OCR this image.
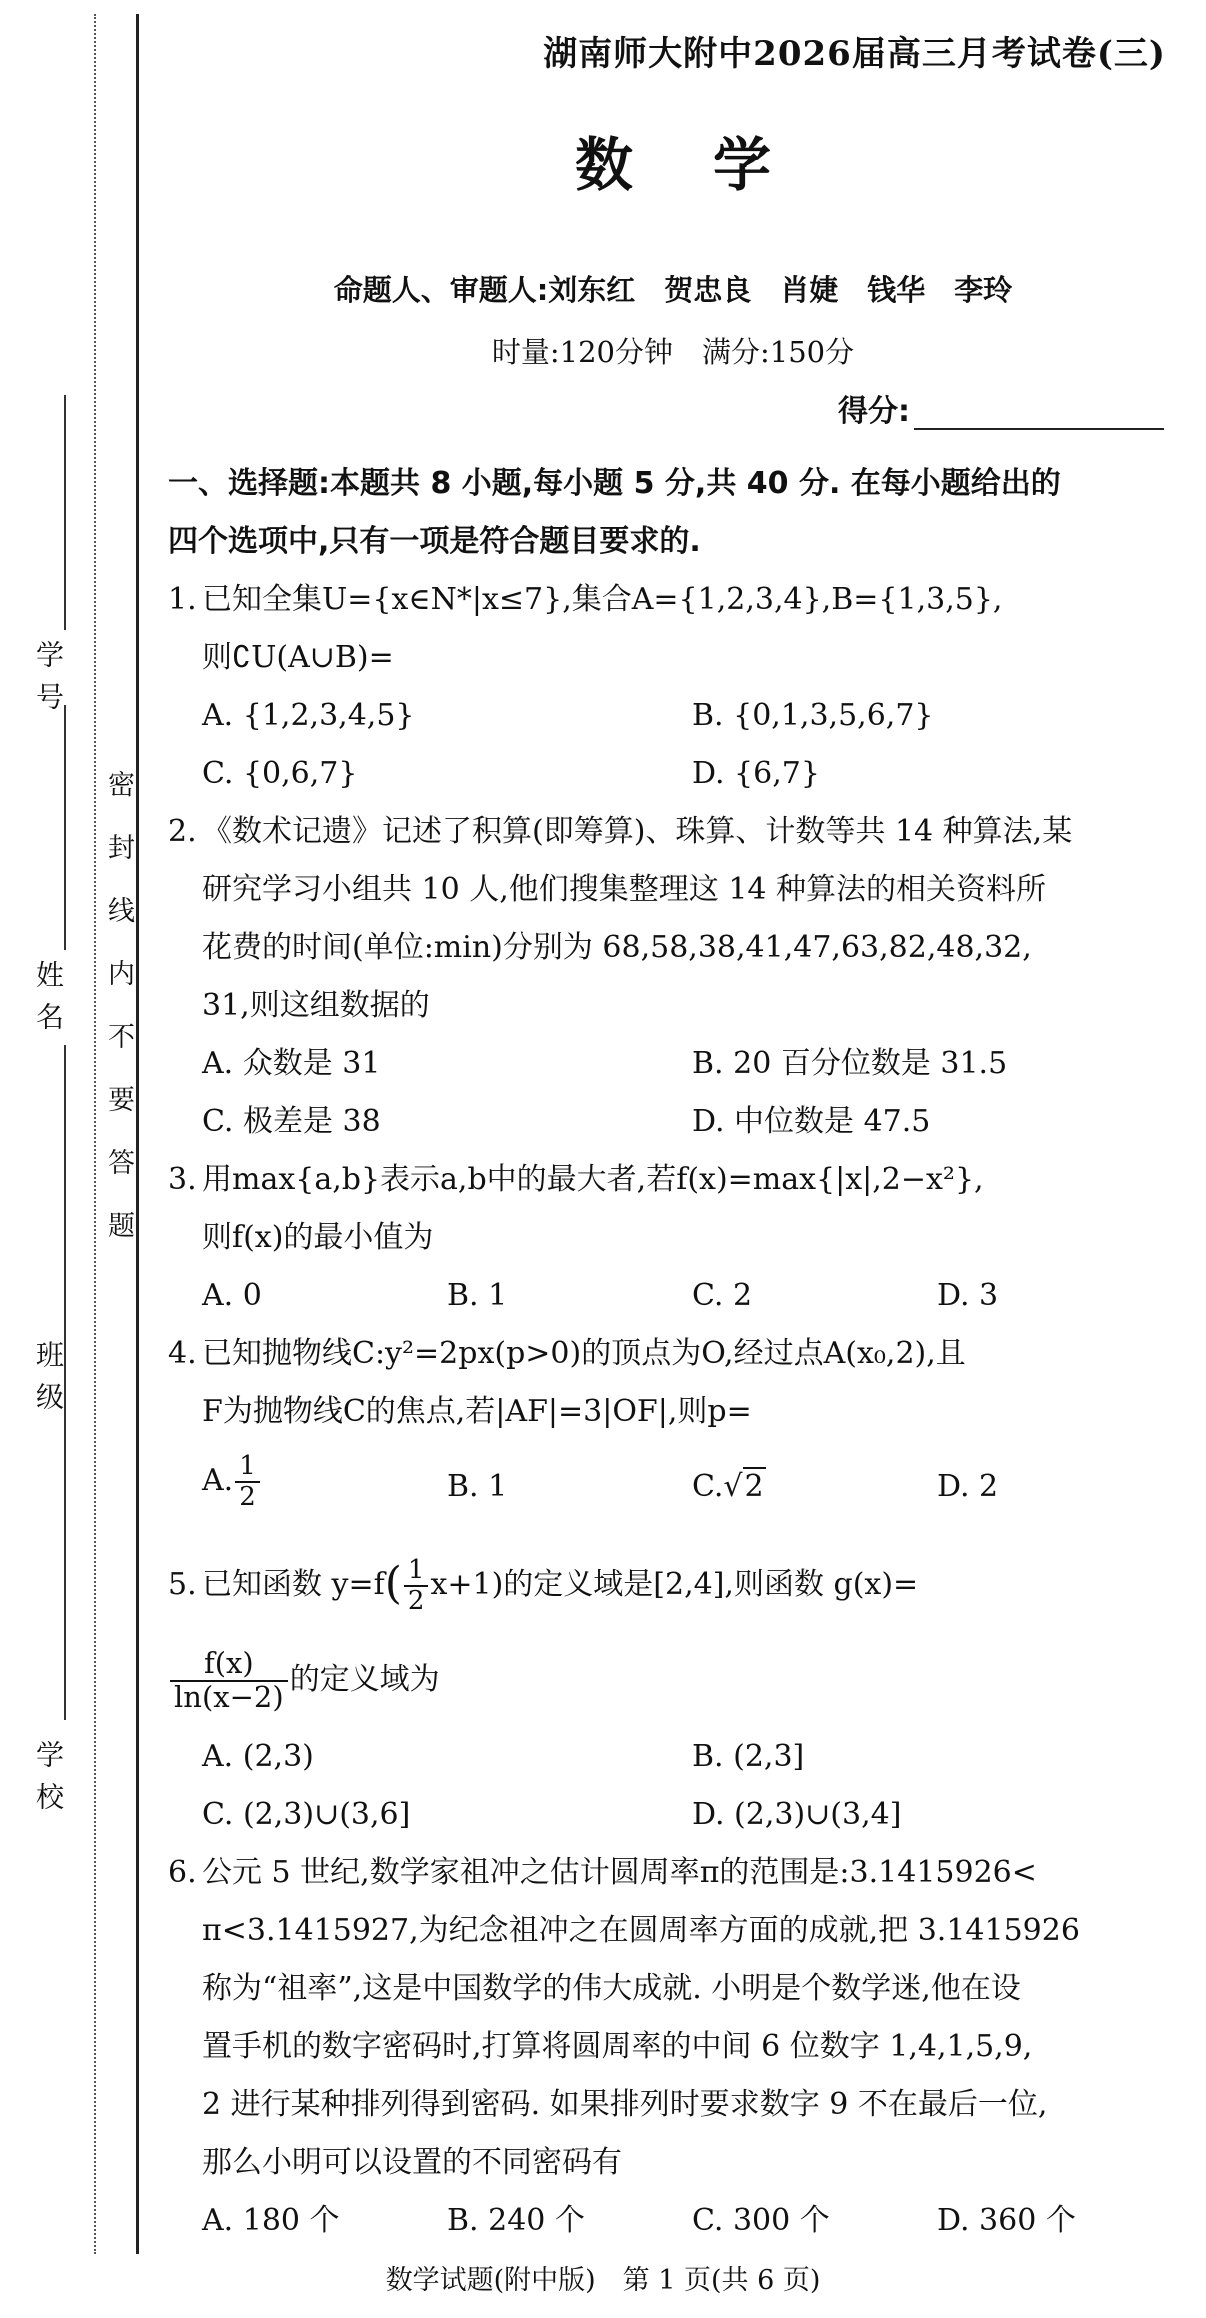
学校
班级
姓名
学号
密封线内不要答题
湖南师大附中2026届高三月考试卷(三)
数学
命题人、审题人:刘东红　贺忠良　肖婕　钱华　李玲
时量:120分钟　满分:150分
得分:
一、选择题:本题共 8 小题,每小题 5 分,共 40 分. 在每小题给出的
四个选项中,只有一项是符合题目要求的.
1. 已知全集U={x∈N*|x≤7},集合A={1,2,3,4},B={1,3,5},
则∁U(A∪B)=
A. {1,2,3,4,5}	B. {0,1,3,5,6,7}
C. {0,6,7}	D. {6,7}
2. 《数术记遗》记述了积算(即筹算)、珠算、计数等共 14 种算法,某
研究学习小组共 10 人,他们搜集整理这 14 种算法的相关资料所
花费的时间(单位:min)分别为 68,58,38,41,47,63,82,48,32,
31,则这组数据的
A. 众数是 31	B. 20 百分位数是 31.5
C. 极差是 38	D. 中位数是 47.5
3. 用max{a,b}表示a,b中的最大者,若f(x)=max{|x|,2−x²},
则f(x)的最小值为
A. 0	B. 1	C. 2	D. 3
4. 已知抛物线C:y²=2px(p>0)的顶点为O,经过点A(x₀,2),且
F为抛物线C的焦点,若|AF|=3|OF|,则p=
A. $\frac{1}{2}$	B. 1	C.√2	D. 2
5. 已知函数 $y=f( \frac{1}{2} x+1)$的定义域是[2,4],则函数 g(x)=
$\frac{f(x)}{\ln(x-2)}$ 的定义域为
A. (2,3)	B. (2,3]
C. (2,3)∪(3,6]	D. (2,3)∪(3,4]
6. 公元 5 世纪,数学家祖冲之估计圆周率π的范围是:3.1415926<
π<3.1415927,为纪念祖冲之在圆周率方面的成就,把 3.1415926
称为“祖率”,这是中国数学的伟大成就. 小明是个数学迷,他在设
置手机的数字密码时,打算将圆周率的中间 6 位数字 1,4,1,5,9,
2 进行某种排列得到密码. 如果排列时要求数字 9 不在最后一位,
那么小明可以设置的不同密码有
A. 180 个	B. 240 个	C. 300 个	D. 360 个
数学试题(附中版)　第 1 页(共 6 页)
